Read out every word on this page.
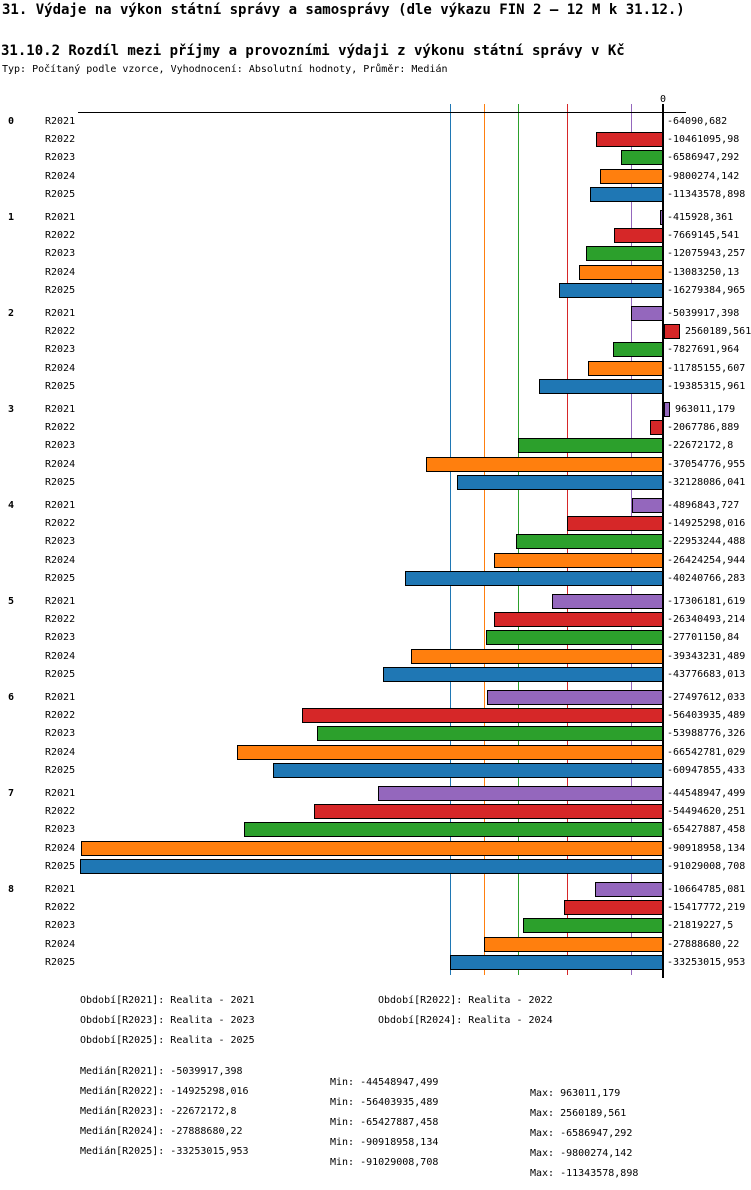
31. Výdaje na výkon státní správy a samosprávy (dle výkazu FIN 2 – 12 M k 31.12.)
31.10.2 Rozdíl mezi příjmy a provozními výdaji z výkonu státní správy v Kč
Typ: Počítaný podle vzorce, Vyhodnocení: Absolutní hodnoty, Průměr: Medián
0
0	R2021	-64090,682
R2022	-10461095,98
R2023	-6586947,292
R2024	-9800274,142
R2025	-11343578,898
1	R2021	-415928,361
R2022	-7669145,541
R2023	-12075943,257
R2024	-13083250,13
R2025	-16279384,965
2	R2021	-5039917,398
R2022	2560189,561
R2023	-7827691,964
R2024	-11785155,607
R2025	-19385315,961
3	R2021	963011,179
R2022	-2067786,889
R2023	-22672172,8
R2024	-37054776,955
R2025	-32128086,041
4	R2021	-4896843,727
R2022	-14925298,016
R2023	-22953244,488
R2024	-26424254,944
R2025	-40240766,283
5	R2021	-17306181,619
R2022	-26340493,214
R2023	-27701150,84
R2024	-39343231,489
R2025	-43776683,013
6	R2021	-27497612,033
R2022	-56403935,489
R2023	-53988776,326
R2024	-66542781,029
R2025	-60947855,433
7	R2021	-44548947,499
R2022	-54494620,251
R2023	-65427887,458
R2024	-90918958,134
R2025	-91029008,708
8	R2021	-10664785,081
R2022	-15417772,219
R2023	-21819227,5
R2024	-27888680,22
R2025	-33253015,953
Období[R2021]: Realita - 2021	Období[R2022]: Realita - 2022
Období[R2023]: Realita - 2023	Období[R2024]: Realita - 2024
Období[R2025]: Realita - 2025

Medián[R2021]: -5039917,398

Min: -44548947,499

Max: 963011,179

Medián[R2022]: -14925298,016

Min: -56403935,489

Max: 2560189,561

Medián[R2023]: -22672172,8

Min: -65427887,458

Max: -6586947,292

Medián[R2024]: -27888680,22

Min: -90918958,134

Max: -9800274,142

Medián[R2025]: -33253015,953

Min: -91029008,708

Max: -11343578,898
